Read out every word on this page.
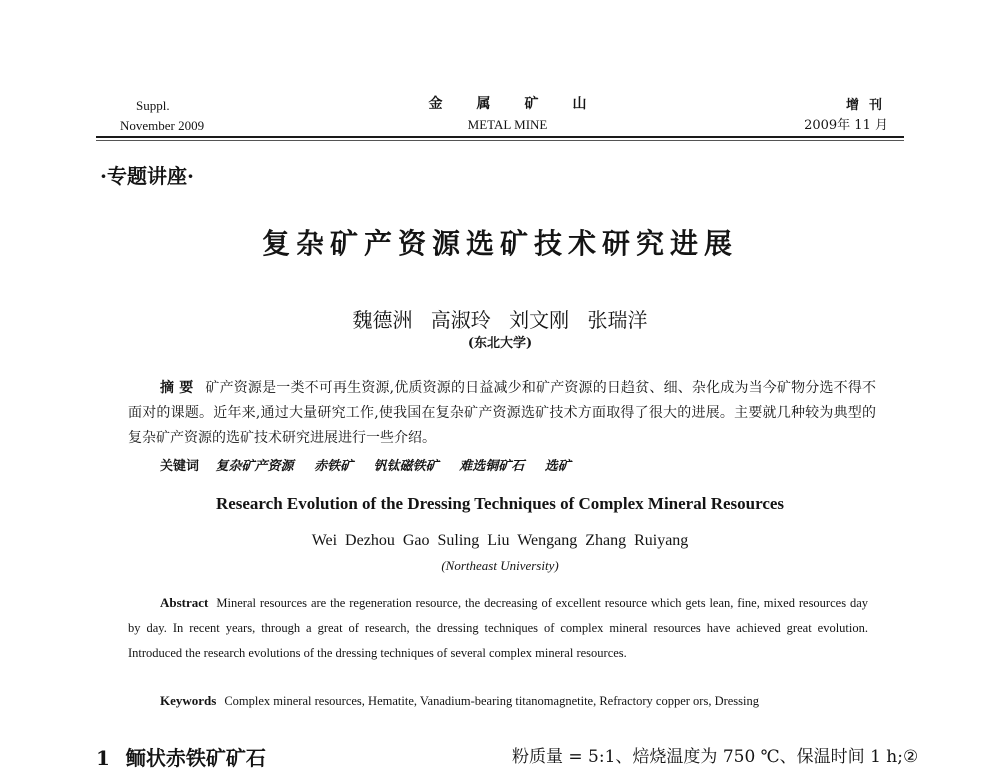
Suppl.
November 2009
金属矿山
METAL MINE
增刊
2009年 11 月
·专题讲座·
复杂矿产资源选矿技术研究进展
魏德洲 高淑玲 刘文刚 张瑞洋
(东北大学)
摘 要 矿产资源是一类不可再生资源,优质资源的日益减少和矿产资源的日趋贫、细、杂化成为当今矿物分选不得不面对的课题。近年来,通过大量研究工作,使我国在复杂矿产资源选矿技术方面取得了很大的进展。主要就几种较为典型的复杂矿产资源的选矿技术研究进展进行一些介绍。
关键词 复杂矿产资源 赤铁矿 钒钛磁铁矿 难选铜矿石 选矿
Research Evolution of the Dressing Techniques of Complex Mineral Resources
Wei Dezhou Gao Suling Liu Wengang Zhang Ruiyang
(Northeast University)
Abstract Mineral resources are the regeneration resource, the decreasing of excellent resource which gets lean, fine, mixed resources day by day. In recent years, through a great of research, the dressing techniques of complex mineral resources have achieved great evolution. Introduced the research evolutions of the dressing techniques of several complex mineral resources.
Keywords Complex mineral resources, Hematite, Vanadium-bearing titanomagnetite, Refractory copper ors, Dressing
1 鲕状赤铁矿矿石	粉质量 = 5:1、焙烧温度为 750 ℃、保温时间 1 h;②
